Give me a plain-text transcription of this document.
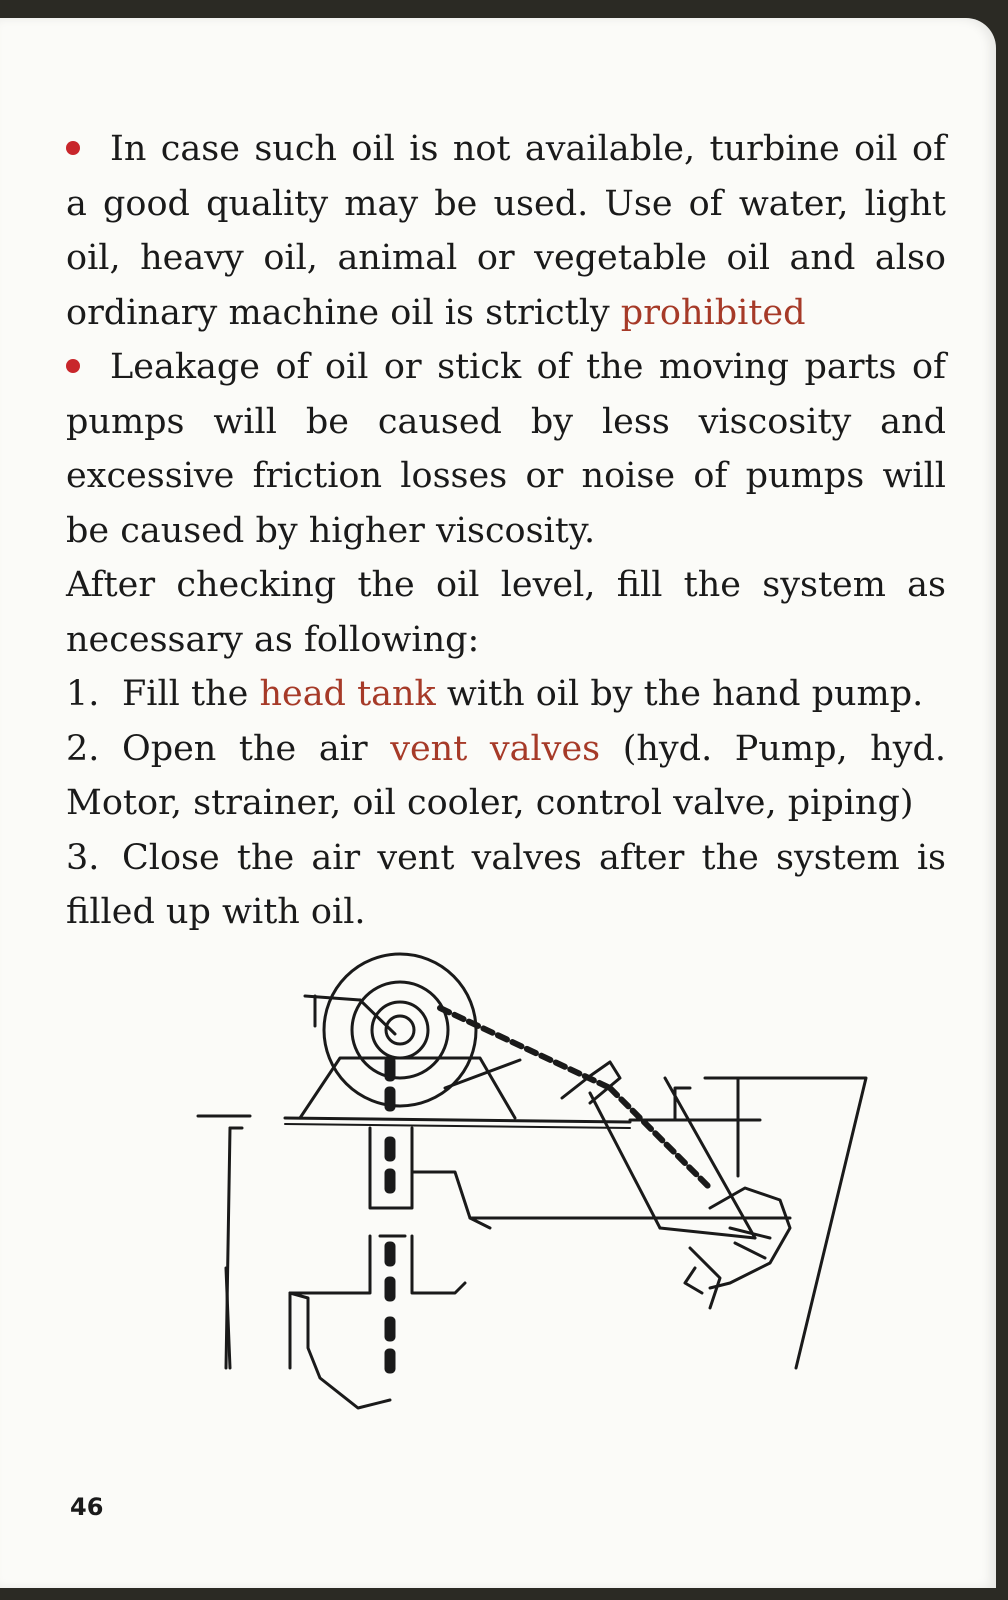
In case such oil is not available, turbine oil of a good quality may be used. Use of water, light oil, heavy oil, animal or vegetable oil and also ordinary machine oil is strictly prohibited

Leakage of oil or stick of the moving parts of pumps will be caused by less viscosity and excessive friction losses or noise of pumps will be caused by higher viscosity.

After checking the oil level, fill the system as necessary as following:

1. Fill the head tank with oil by the hand pump.

2. Open the air vent valves (hyd. Pump, hyd. Motor, strainer, oil cooler, control valve, piping)

3. Close the air vent valves after the system is filled up with oil.

46
